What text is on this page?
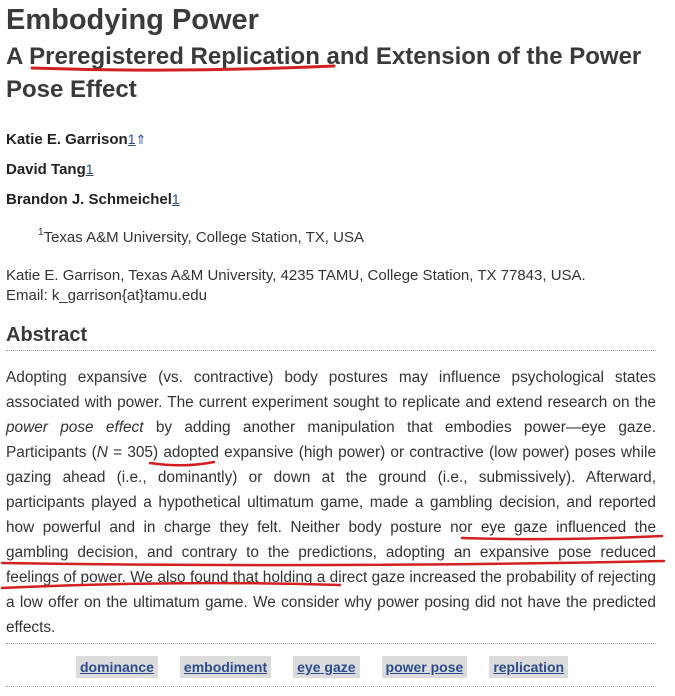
Embodying Power
A Preregistered Replication and Extension of the Power Pose Effect
Katie E. Garrison1⇑
David Tang1
Brandon J. Schmeichel1
$^1$Texas A&M University, College Station, TX, USA
Katie E. Garrison, Texas A&M University, 4235 TAMU, College Station, TX 77843, USA.
Email: k_garrison{at}tamu.edu
Abstract
Adopting expansive (vs. contractive) body postures may influence psychological states associated with power. The current experiment sought to replicate and extend research on the power pose effect by adding another manipulation that embodies power—eye gaze. Participants (N = 305) adopted expansive (high power) or contractive (low power) poses while gazing ahead (i.e., dominantly) or down at the ground (i.e., submissively). Afterward, participants played a hypothetical ultimatum game, made a gambling decision, and reported how powerful and in charge they felt. Neither body posture nor eye gaze influenced the gambling decision, and contrary to the predictions, adopting an expansive pose reduced feelings of power. We also found that holding a direct gaze increased the probability of rejecting a low offer on the ultimatum game. We consider why power posing did not have the predicted effects.
dominance embodiment eye gaze power pose replication
